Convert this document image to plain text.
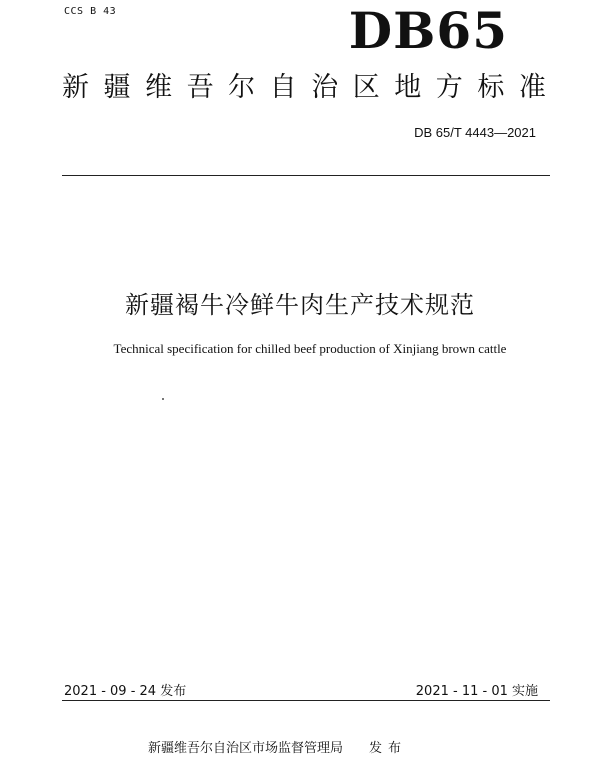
CCS B 43	DB65
新 疆 维 吾 尔 自 治 区 地 方 标 准
DB 65/T 4443—2021
新疆褐牛冷鲜牛肉生产技术规范
Technical specification for chilled beef production of Xinjiang brown cattle
2021 - 09 - 24 发布	2021 - 11 - 01 实施
新疆维吾尔自治区市场监督管理局 发布
